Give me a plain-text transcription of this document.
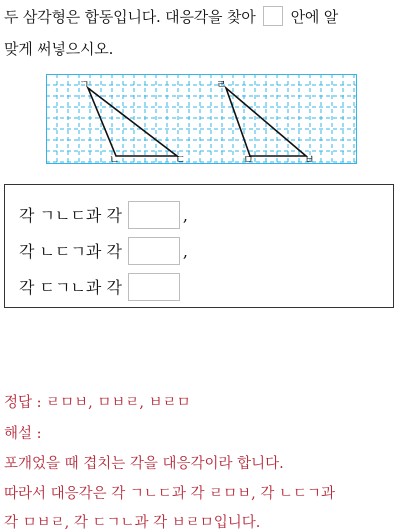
두 삼각형은 합동입니다. 대응각을 찾아 안에 알
맞게 써넣으시오.
ㄱ
ㄴ	ㄷ
ㄹ
ㅁ	ㅂ
각 ㄱㄴㄷ과 각	,
각 ㄴㄷㄱ과 각	,
각 ㄷㄱㄴ과 각
정답 : ㄹㅁㅂ, ㅁㅂㄹ, ㅂㄹㅁ
해설 :
포개었을 때 겹치는 각을 대응각이라 합니다.
따라서 대응각은 각 ㄱㄴㄷ과 각 ㄹㅁㅂ, 각 ㄴㄷㄱ과
각 ㅁㅂㄹ, 각 ㄷㄱㄴ과 각 ㅂㄹㅁ입니다.
